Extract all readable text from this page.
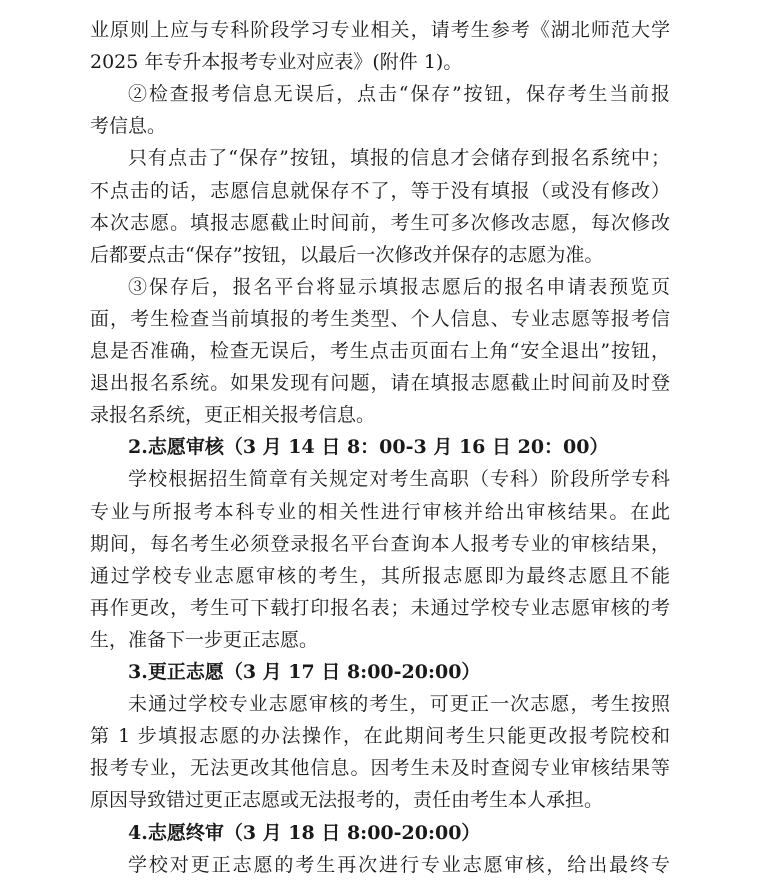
业原则上应与专科阶段学习专业相关，请考生参考《湖北师范大学
2025 年专升本报考专业对应表》(附件 1)。
②检查报考信息无误后，点击“保存”按钮，保存考生当前报
考信息。
只有点击了“保存”按钮，填报的信息才会储存到报名系统中；
不点击的话，志愿信息就保存不了，等于没有填报（或没有修改）
本次志愿。填报志愿截止时间前，考生可多次修改志愿，每次修改
后都要点击“保存”按钮，以最后一次修改并保存的志愿为准。
③保存后，报名平台将显示填报志愿后的报名申请表预览页
面，考生检查当前填报的考生类型、个人信息、专业志愿等报考信
息是否准确，检查无误后，考生点击页面右上角“安全退出”按钮，
退出报名系统。如果发现有问题，请在填报志愿截止时间前及时登
录报名系统，更正相关报考信息。
2.志愿审核（3 月 14 日 8：00-3 月 16 日 20：00）
学校根据招生简章有关规定对考生高职（专科）阶段所学专科
专业与所报考本科专业的相关性进行审核并给出审核结果。在此
期间，每名考生必须登录报名平台查询本人报考专业的审核结果，
通过学校专业志愿审核的考生，其所报志愿即为最终志愿且不能
再作更改，考生可下载打印报名表；未通过学校专业志愿审核的考
生，准备下一步更正志愿。
3.更正志愿（3 月 17 日 8:00-20:00）
未通过学校专业志愿审核的考生，可更正一次志愿，考生按照
第 1 步填报志愿的办法操作，在此期间考生只能更改报考院校和
报考专业，无法更改其他信息。因考生未及时查阅专业审核结果等
原因导致错过更正志愿或无法报考的，责任由考生本人承担。
4.志愿终审（3 月 18 日 8:00-20:00）
学校对更正志愿的考生再次进行专业志愿审核，给出最终专
